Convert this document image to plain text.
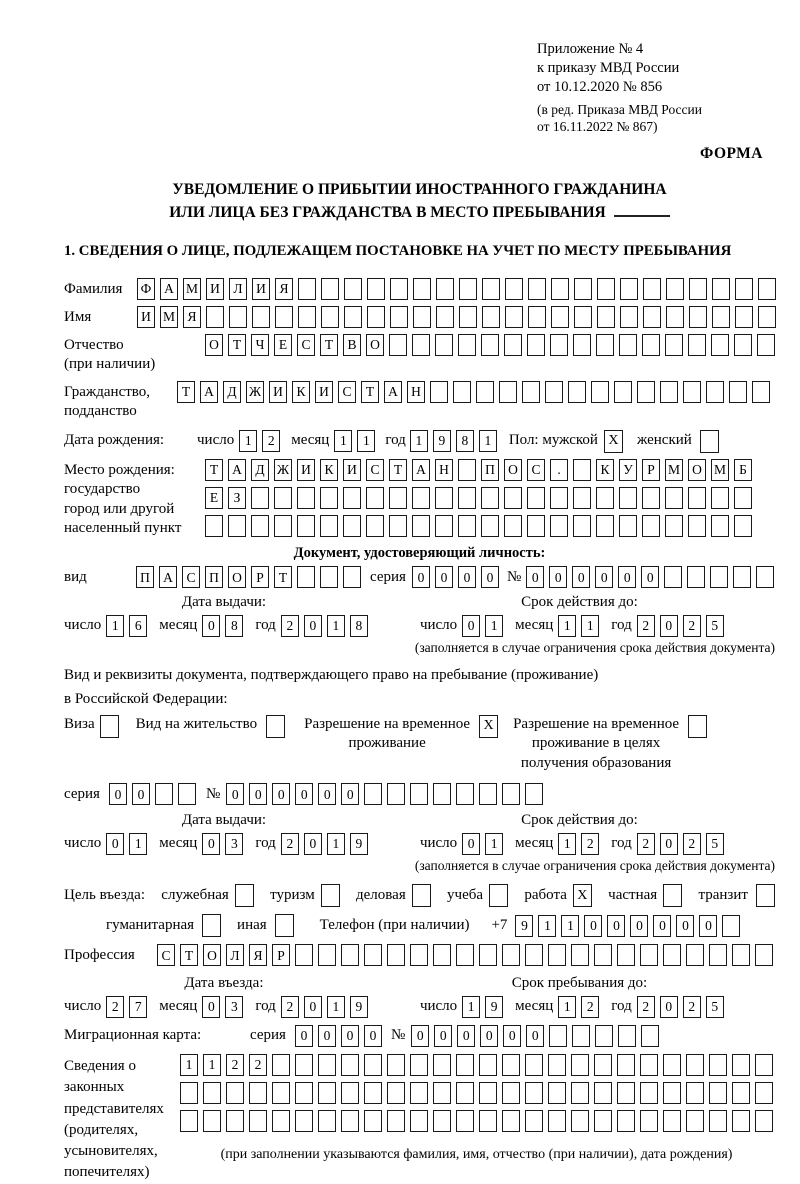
Приложение № 4
к приказу МВД России
от 10.12.2020 № 856
(в ред. Приказа МВД России
от 16.11.2022 № 867)
ФОРМА
УВЕДОМЛЕНИЕ О ПРИБЫТИИ ИНОСТРАННОГО ГРАЖДАНИНА
ИЛИ ЛИЦА БЕЗ ГРАЖДАНСТВА В МЕСТО ПРЕБЫВАНИЯ
1. СВЕДЕНИЯ О ЛИЦЕ, ПОДЛЕЖАЩЕМ ПОСТАНОВКЕ НА УЧЕТ ПО МЕСТУ ПРЕБЫВАНИЯ
Фамилия	Ф А М И	Л	И	Я
Имя	И М Я
Отчество
(при наличии)
О	Т	Ч	Е	С	Т	В	О
Гражданство,
подданство
Т	А	Д Ж И	К	И	С	Т	А Н
Дата рождения:	число 1	2	месяц 1	1	год 1	9	8	1	Пол: мужской X женский
Место рождения:
государство
город или другой
населенный пункт
Т	А	Д Ж И	К	И	С	Т	А Н	П О	С	.	К	У	Р М О М Б
Е	З
Документ, удостоверяющий личность:
вид	П А	С	П О	Р	Т	серия 0	0	0	0 № 0	0	0	0	0	0
Дата выдачи:	Срок действия до:
число 1	6	месяц 0	8	год 2	0	1	8	число 0	1	месяц 1	1	год 2	0	2	5
(заполняется в случае ограничения срока действия документа)
Вид и реквизиты документа, подтверждающего право на пребывание (проживание)
в Российской Федерации:
Виза	Вид на жительство	Разрешение на временное
проживание
X Разрешение на временное
проживание в целях
получения образования
серия	0	0	№ 0	0	0	0	0	0
Дата выдачи:	Срок действия до:
число 0	1	месяц 0	3	год 2	0	1	9	число 0	1	месяц 1	2	год 2	0	2	5
(заполняется в случае ограничения срока действия документа)
Цель въезда: служебная	туризм	деловая	учеба	работа X частная	транзит
гуманитарная	иная	Телефон (при наличии) +7	9	1	1	0	0	0	0	0	0
Профессия	С	Т	О	Л	Я	Р
Дата въезда:	Срок пребывания до:
число 2	7	месяц 0	3	год 2	0	1	9	число 1	9	месяц 1	2	год 2	0	2	5
Миграционная карта:	серия	0	0	0	0 № 0	0	0	0	0	0
Сведения о
законных
представителях
(родителях,
усыновителях,
попечителях)
1	1	2	2
(при заполнении указываются фамилия, имя, отчество (при наличии), дата рождения)
